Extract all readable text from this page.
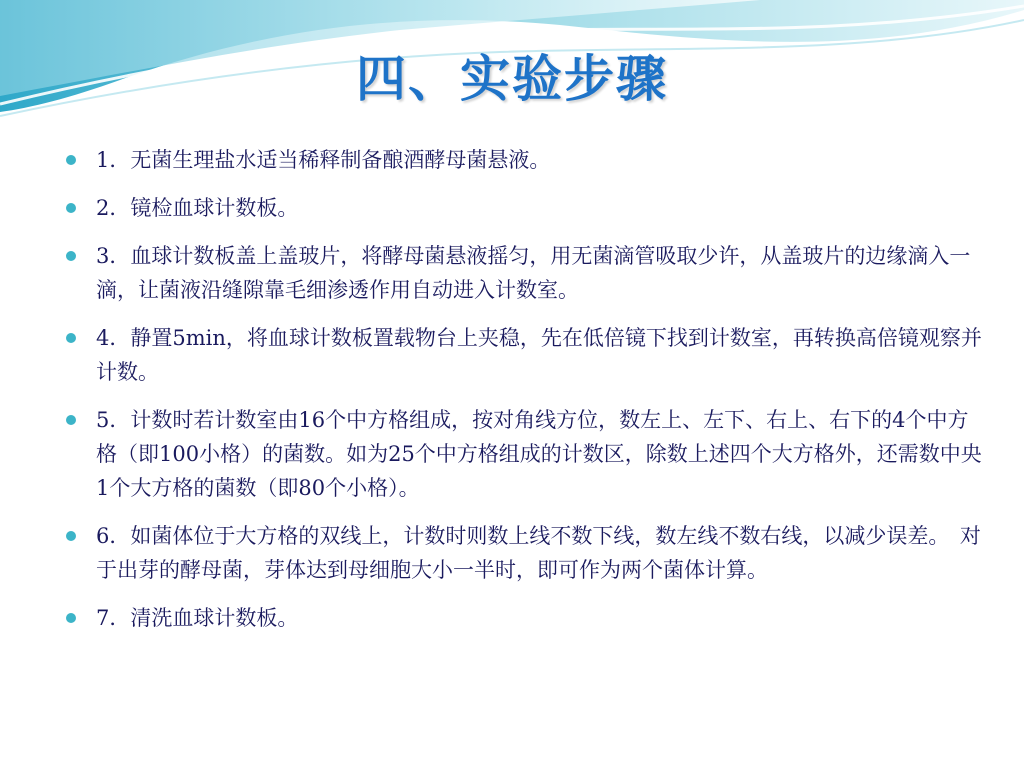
四、实验步骤
1．无菌生理盐水适当稀释制备酿酒酵母菌悬液。
2．镜检血球计数板。
3．血球计数板盖上盖玻片，将酵母菌悬液摇匀，用无菌滴管吸取少许，从盖玻片的边缘滴入一滴，让菌液沿缝隙靠毛细渗透作用自动进入计数室。
4．静置5min，将血球计数板置载物台上夹稳，先在低倍镜下找到计数室，再转换高倍镜观察并计数。
5．计数时若计数室由16个中方格组成，按对角线方位，数左上、左下、右上、右下的4个中方格（即100小格）的菌数。如为25个中方格组成的计数区，除数上述四个大方格外，还需数中央1个大方格的菌数（即80个小格）。
6．如菌体位于大方格的双线上，计数时则数上线不数下线，数左线不数右线，以减少误差。　对于出芽的酵母菌，芽体达到母细胞大小一半时，即可作为两个菌体计算。
7．清洗血球计数板。
